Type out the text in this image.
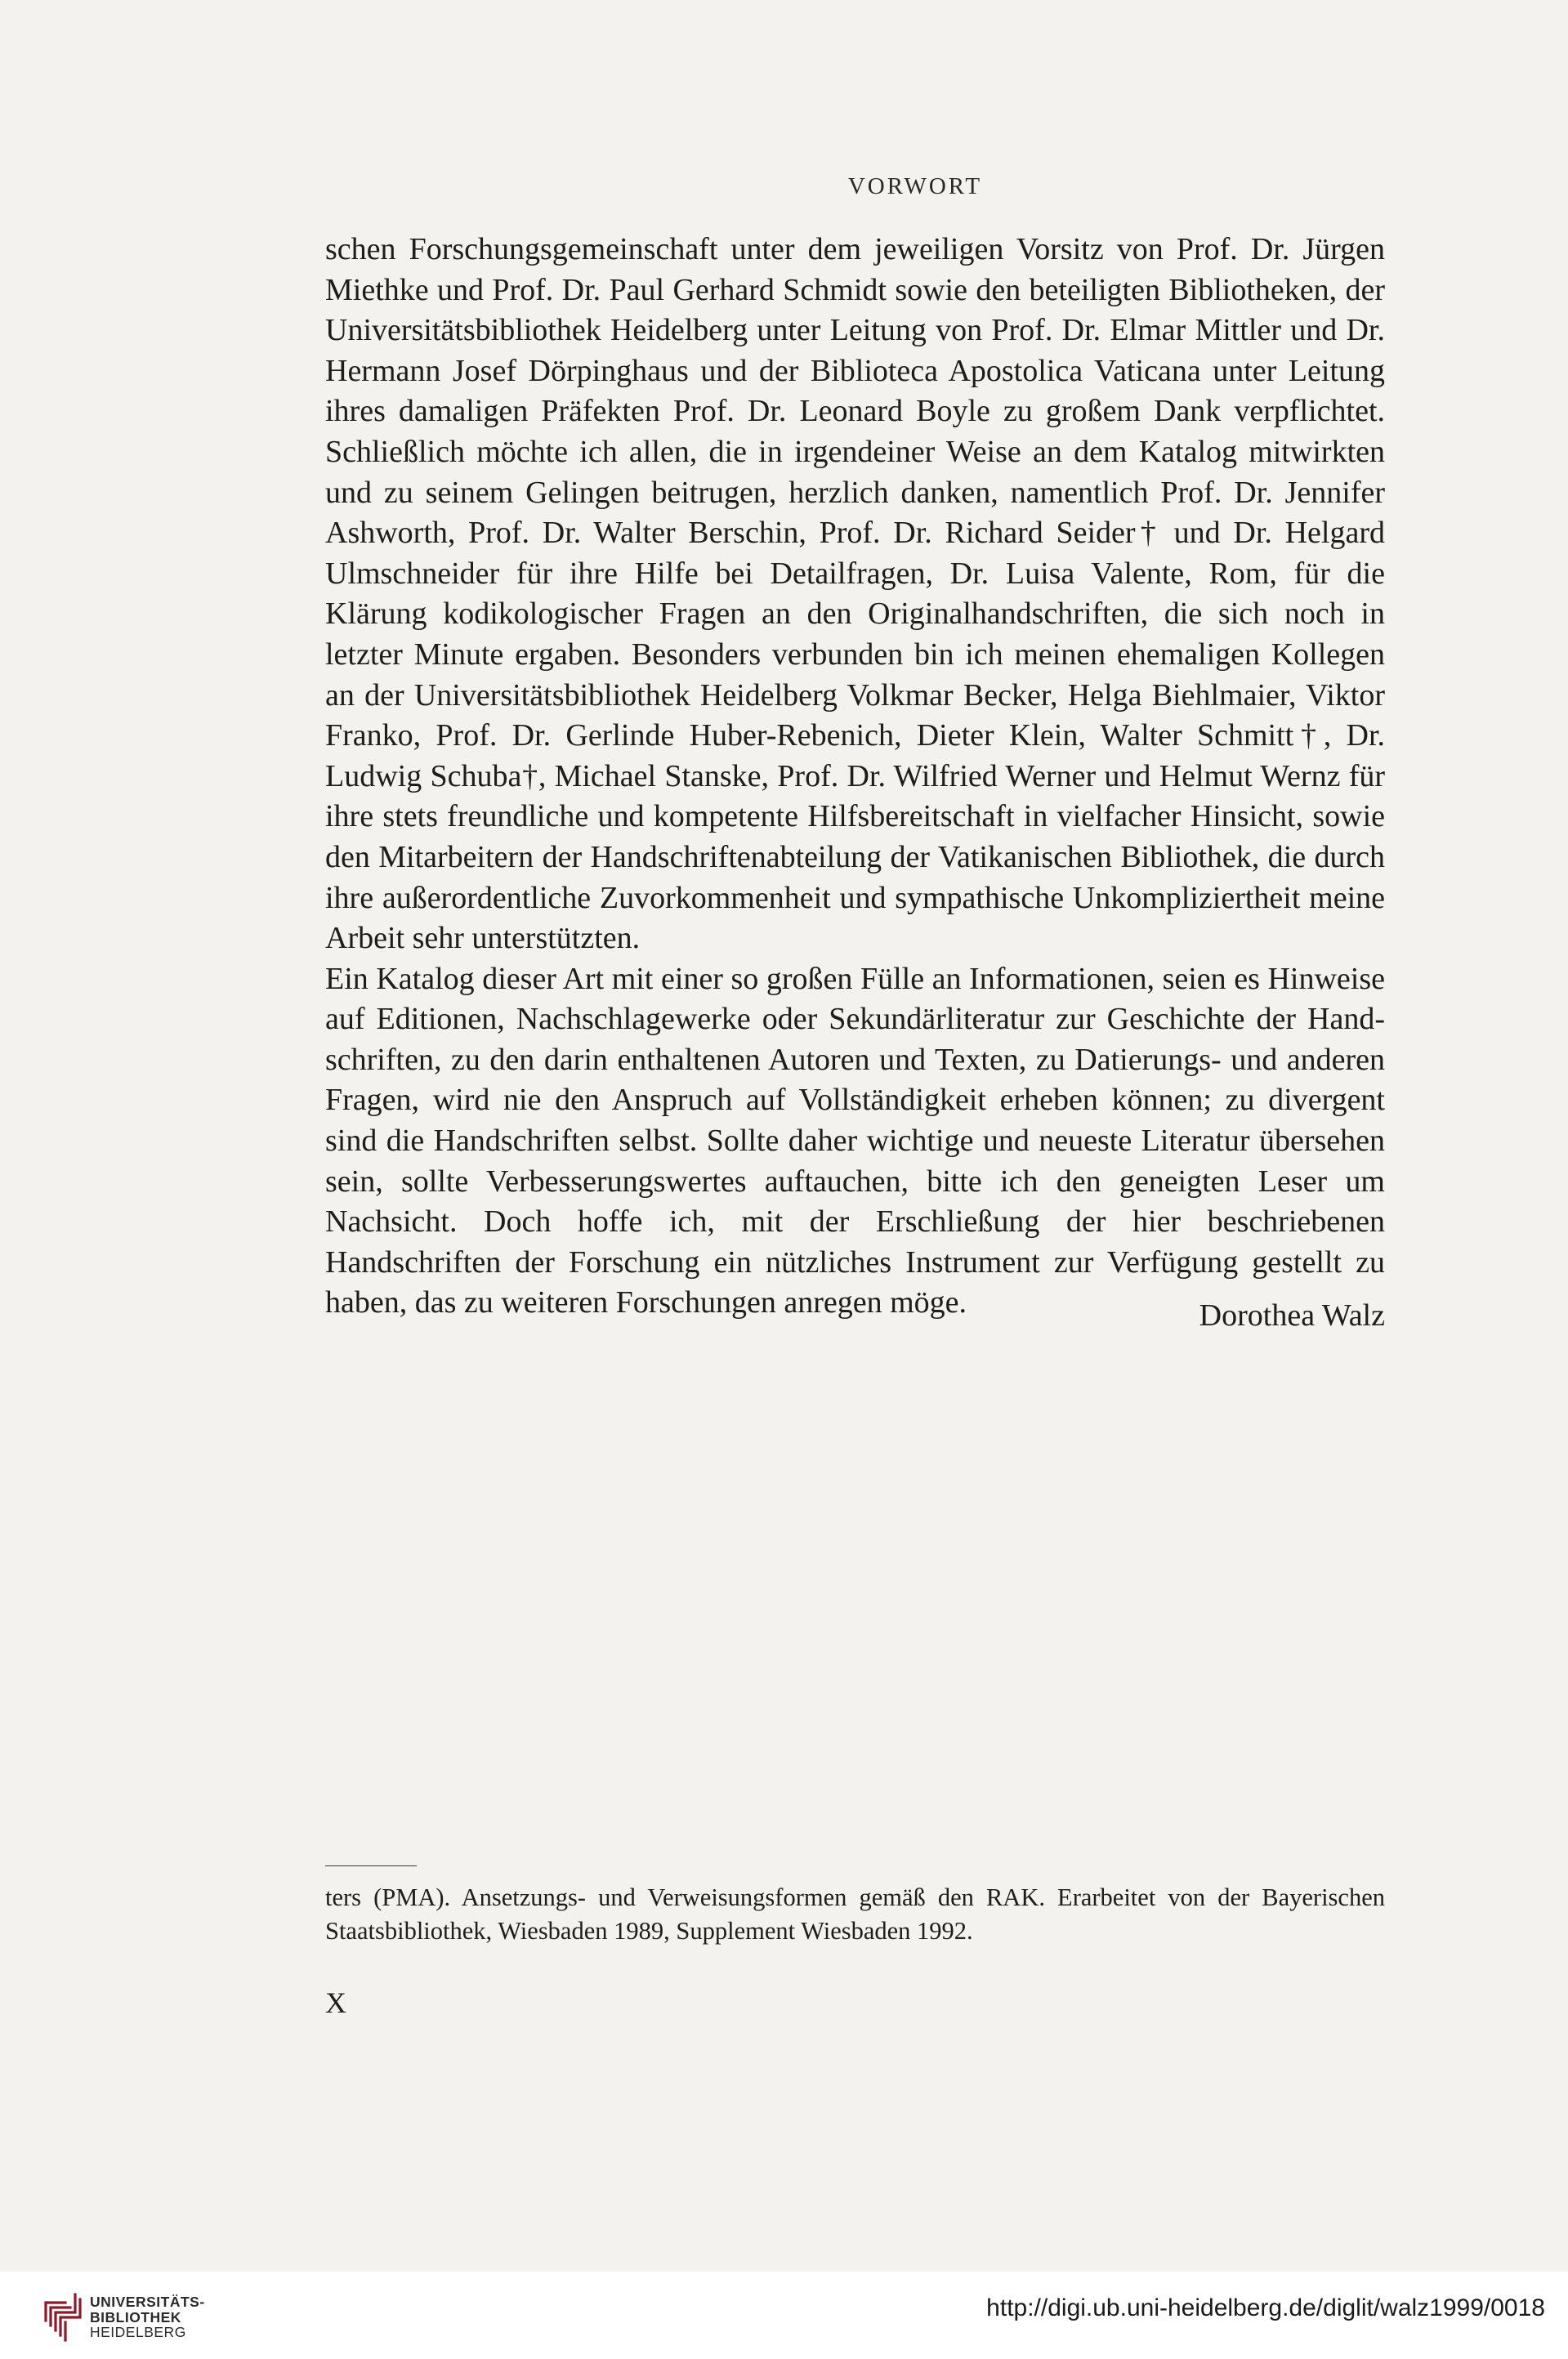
VORWORT

schen Forschungsgemeinschaft unter dem jeweiligen Vorsitz von Prof. Dr. Jürgen Miethke und Prof. Dr. Paul Gerhard Schmidt sowie den beteiligten Bibliotheken, der Universitätsbibliothek Heidelberg unter Leitung von Prof. Dr. Elmar Mittler und Dr. Hermann Josef Dörpinghaus und der Biblioteca Apostolica Vaticana unter Leitung ihres damaligen Präfekten Prof. Dr. Leonard Boyle zu großem Dank verpflichtet. Schließlich möchte ich allen, die in irgendeiner Weise an dem Katalog mitwirkten und zu seinem Gelingen beitrugen, herzlich danken, namentlich Prof. Dr. Jennifer Ashworth, Prof. Dr. Walter Berschin, Prof. Dr. Richard Seider† und Dr. Helgard Ulmschneider für ihre Hilfe bei Detailfragen, Dr. Luisa Valente, Rom, für die Klärung kodikologischer Fragen an den Originalhandschriften, die sich noch in letzter Minute ergaben. Besonders verbunden bin ich meinen ehemaligen Kollegen an der Universitätsbibliothek Heidelberg Volkmar Becker, Helga Biehlmaier, Viktor Franko, Prof. Dr. Gerlinde Huber-Rebenich, Dieter Klein, Walter Schmitt†, Dr. Ludwig Schuba†, Michael Stanske, Prof. Dr. Wilfried Werner und Helmut Wernz für ihre stets freundliche und kompetente Hilfsbereitschaft in vielfacher Hinsicht, sowie den Mitarbeitern der Handschriftenabteilung der Vatikanischen Bibliothek, die durch ihre außerordentliche Zuvorkommenheit und sympathische Unkompliziertheit meine Arbeit sehr unterstützten.

Ein Katalog dieser Art mit einer so großen Fülle an Informationen, seien es Hinweise auf Editionen, Nachschlagewerke oder Sekundärliteratur zur Geschichte der Handschriften, zu den darin enthaltenen Autoren und Texten, zu Datierungs- und anderen Fragen, wird nie den Anspruch auf Vollständigkeit erheben können; zu divergent sind die Handschriften selbst. Sollte daher wichtige und neueste Literatur übersehen sein, sollte Verbesserungswertes auftauchen, bitte ich den geneigten Leser um Nachsicht. Doch hoffe ich, mit der Erschließung der hier beschriebenen Handschriften der Forschung ein nützliches Instrument zur Verfügung gestellt zu haben, das zu weiteren Forschungen anregen möge.	Dorothea Walz
ters (PMA). Ansetzungs- und Verweisungsformen gemäß den RAK. Erarbeitet von der Bayerischen Staatsbibliothek, Wiesbaden 1989, Supplement Wiesbaden 1992.
X
UNIVERSITÄTS-
BIBLIOTHEK
HEIDELBERG
http://digi.ub.uni-heidelberg.de/diglit/walz1999/0018
